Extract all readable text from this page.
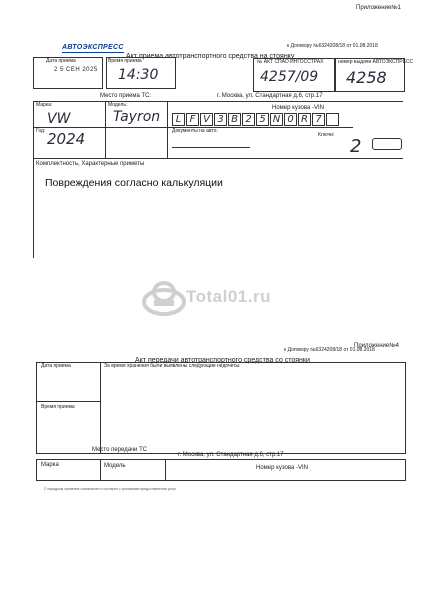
Приложение№1
к Договору №6324208/18 от 01.08.2018
АВТОЭКСПРЕСС
Акт приема автотранспортного средства на стоянку
Дата приема
2 5 СЕН 2025
Время приема
14:30
№ АКТ СПАО ИНГОССТРАХ
4257/09
номер выдачи АВТОЭКСПРЕСС
4258
Место приема ТС:	г. Москва, ул. Стандартная д.6, стр.17
Марка:
VW
Модель:
Tayron
Номер кузова -VIN
L F V 3 B 2 5 N 0 R 7
Год: 2024	Документы на авто:
Ключи:
2
Комплектность, Характерные приметы
Повреждения согласно калькуляции
Total01.ru
Приложение№4
к Договору №6324208/18 от 01.08.2018
Акт передачи автотранспортного средства со стоянки
Дата приема	За время хранения были выявлены следующие недочеты:
Время приема
Место передачи ТС
г. Москва, ул. Стандартная д.6, стр.17
Марка	Модель	Номер кузова -VIN
С порядком хранения ознакомлен и согласен с условиями предоставления услуг
